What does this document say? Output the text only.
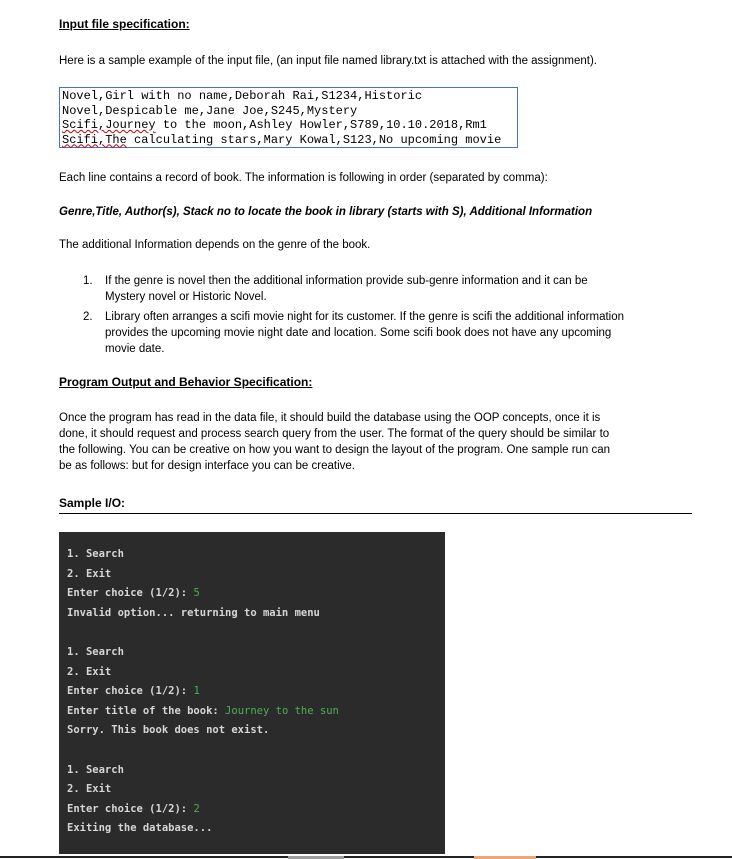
Input file specification:
Here is a sample example of the input file, (an input file named library.txt is attached with the assignment).
Novel,Girl with no name,Deborah Rai,S1234,Historic
Novel,Despicable me,Jane Joe,S245,Mystery
Scifi,Journey to the moon,Ashley Howler,S789,10.10.2018,Rm1
Scifi,The calculating stars,Mary Kowal,S123,No upcoming movie
Each line contains a record of book. The information is following in order (separated by comma):
Genre,Title, Author(s), Stack no to locate the book in library (starts with S), Additional Information
The additional Information depends on the genre of the book.
1.	If the genre is novel then the additional information provide sub-genre information and it can be
Mystery novel or Historic Novel.
2.	Library often arranges a scifi movie night for its customer. If the genre is scifi the additional information
provides the upcoming movie night date and location. Some scifi book does not have any upcoming
movie date.
Program Output and Behavior Specification:
Once the program has read in the data file, it should build the database using the OOP concepts, once it is
done, it should request and process search query from the user. The format of the query should be similar to
the following. You can be creative on how you want to design the layout of the program. One sample run can
be as follows: but for design interface you can be creative.
Sample I/O:
1. Search
2. Exit
Enter choice (1/2): 5
Invalid option... returning to main menu
1. Search
2. Exit
Enter choice (1/2): 1
Enter title of the book: Journey to the sun
Sorry. This book does not exist.
1. Search
2. Exit
Enter choice (1/2): 2
Exiting the database...
